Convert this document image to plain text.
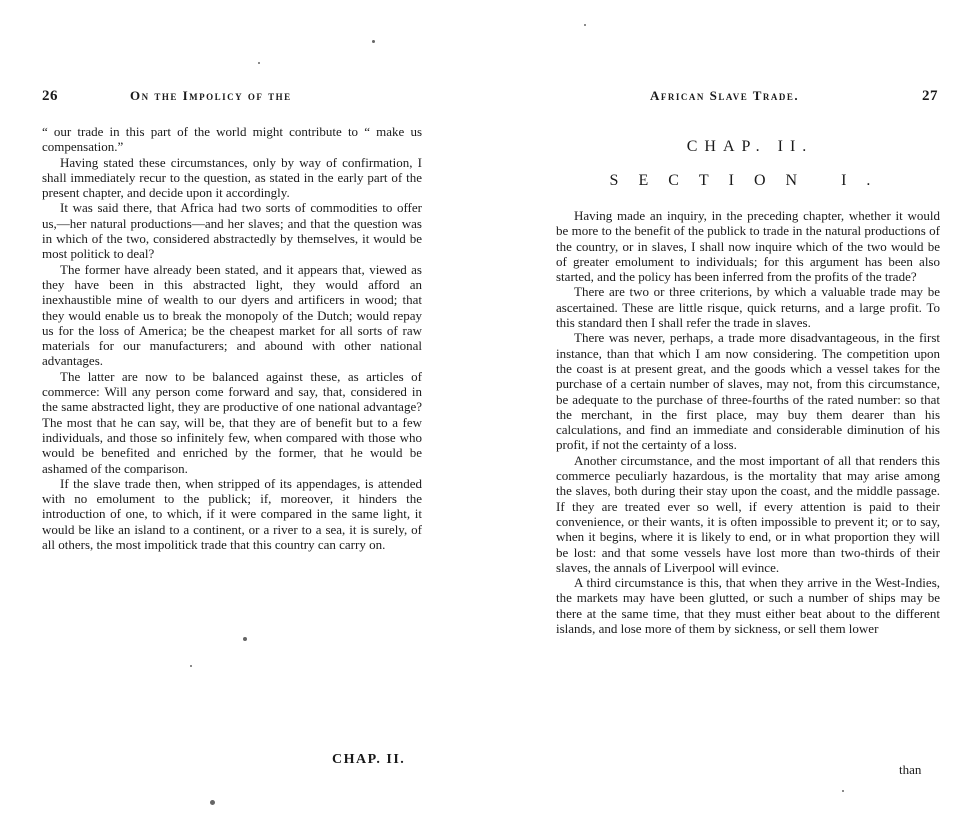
26	On the Impolicy of the

“ our trade in this part of the world might contribute to “ make us compensation.”

Having stated these circumstances, only by way of confirmation, I shall immediately recur to the question, as stated in the early part of the present chapter, and decide upon it accordingly.

It was said there, that Africa had two sorts of commodities to offer us,—her natural productions—and her slaves; and that the question was in which of the two, considered abstractedly by themselves, it would be most politick to deal?

The former have already been stated, and it appears that, viewed as they have been in this abstracted light, they would afford an inexhaustible mine of wealth to our dyers and artificers in wood; that they would enable us to break the monopoly of the Dutch; would repay us for the loss of America; be the cheapest market for all sorts of raw materials for our manufacturers; and abound with other national advantages.

The latter are now to be balanced against these, as articles of commerce: Will any person come forward and say, that, considered in the same abstracted light, they are productive of one national advantage? The most that he can say, will be, that they are of benefit but to a few individuals, and those so infinitely few, when compared with those who would be benefited and enriched by the former, that he would be ashamed of the comparison.

If the slave trade then, when stripped of its appendages, is attended with no emolument to the publick; if, moreover, it hinders the introduction of one, to which, if it were compared in the same light, it would be like an island to a continent, or a river to a sea, it is surely, of all others, the most impolitick trade that this country can carry on.

CHAP. II.
African Slave Trade.	27
CHAP. II.
SECTION I.

Having made an inquiry, in the preceding chapter, whether it would be more to the benefit of the publick to trade in the natural productions of the country, or in slaves, I shall now inquire which of the two would be of greater emolument to individuals; for this argument has been also started, and the policy has been inferred from the profits of the trade?

There are two or three criterions, by which a valuable trade may be ascertained. These are little risque, quick returns, and a large profit. To this standard then I shall refer the trade in slaves.

There was never, perhaps, a trade more disadvantageous, in the first instance, than that which I am now considering. The competition upon the coast is at present great, and the goods which a vessel takes for the purchase of a certain number of slaves, may not, from this circumstance, be adequate to the purchase of three-fourths of the rated number: so that the merchant, in the first place, may buy them dearer than his calculations, and find an immediate and considerable diminution of his profit, if not the certainty of a loss.

Another circumstance, and the most important of all that renders this commerce peculiarly hazardous, is the mortality that may arise among the slaves, both during their stay upon the coast, and the middle passage. If they are treated ever so well, if every attention is paid to their convenience, or their wants, it is often impossible to prevent it; or to say, when it begins, where it is likely to end, or in what proportion they will be lost: and that some vessels have lost more than two-thirds of their slaves, the annals of Liverpool will evince.

A third circumstance is this, that when they arrive in the West-Indies, the markets may have been glutted, or such a number of ships may be there at the same time, that they must either beat about to the different islands, and lose more of them by sickness, or sell them lower

than
